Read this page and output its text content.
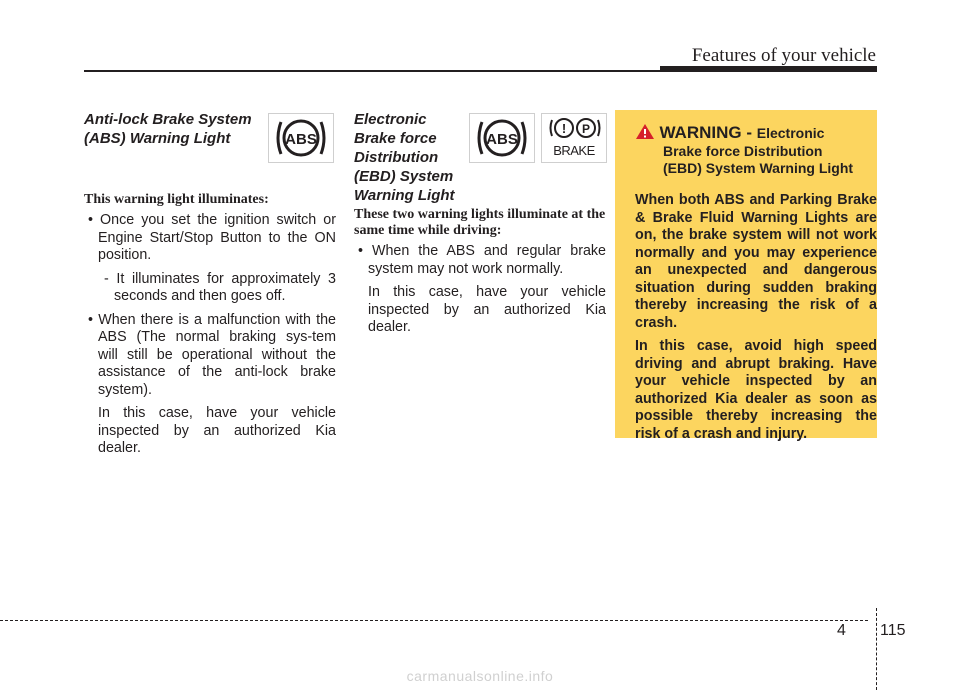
Features of your vehicle

Anti-lock Brake System
(ABS) Warning Light

This warning light illuminates:

• Once you set the ignition switch or Engine Start/Stop Button to the ON position.

- It illuminates for approximately 3 seconds and then goes off.

• When there is a malfunction with the ABS (The normal braking sys-tem will still be operational without the assistance of the anti-lock brake system).

In this case, have your vehicle inspected by an authorized Kia dealer.

ABS

Electronic
Brake force
Distribution
(EBD) System
Warning Light

These two warning lights illuminate at the same time while driving:

• When the ABS and regular brake system may not work normally.

In this case, have your vehicle inspected by an authorized Kia dealer.

ABS
! P
BRAKE
WARNING - Electronic
Brake force Distribution
(EBD) System Warning Light

When both ABS and Parking Brake & Brake Fluid Warning Lights are on, the brake system will not work normally and you may experience an unexpected and dangerous situation during sudden braking thereby increasing the risk of a crash.

In this case, avoid high speed driving and abrupt braking. Have your vehicle inspected by an authorized Kia dealer as soon as possible thereby increasing the risk of a crash and injury.

4 115
carmanualsonline.info
